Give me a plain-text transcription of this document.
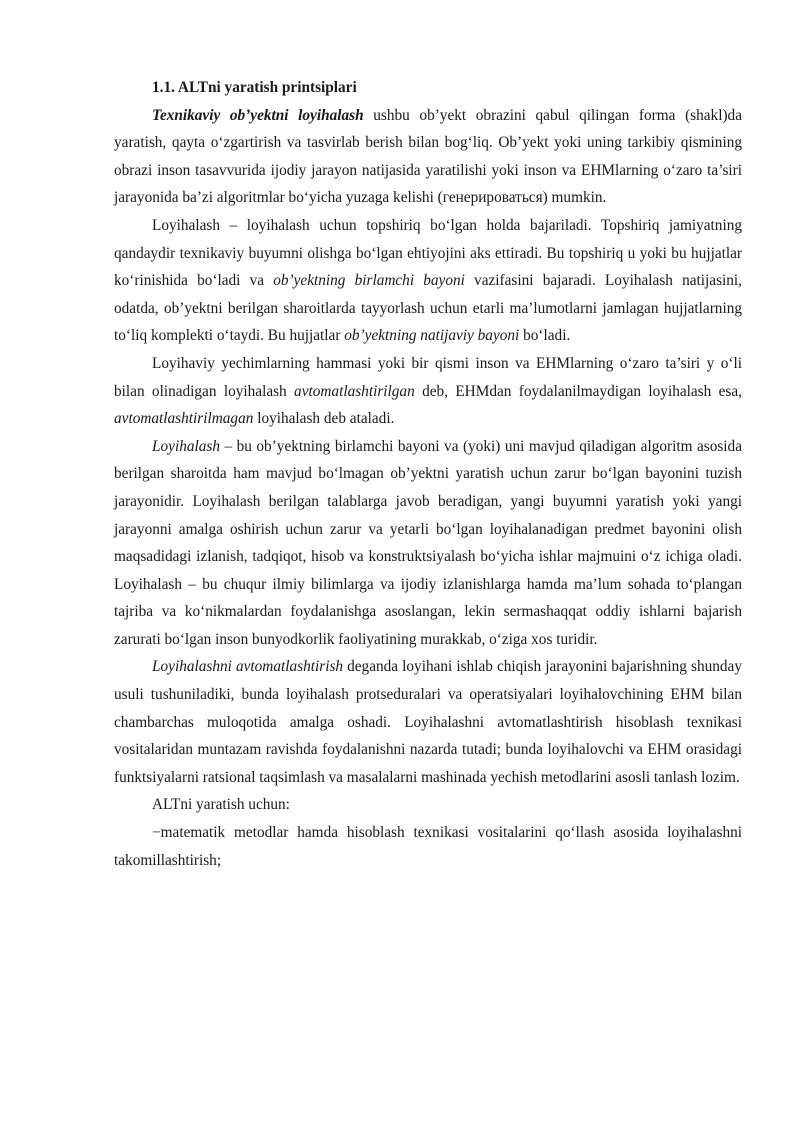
1.1. ALTni yaratish printsiplari

Texnikaviy ob’yektni loyihalash ushbu ob’yekt obrazini qabul qilingan forma (shakl)da yaratish, qayta o‘zgartirish va tasvirlab berish bilan bog‘liq. Ob’yekt yoki uning tarkibiy qismining obrazi inson tasavvurida ijodiy jarayon natijasida yaratilishi yoki inson va EHMlarning o‘zaro ta’siri jarayonida ba’zi algoritmlar bo‘yicha yuzaga kelishi (генерироваться) mumkin.

Loyihalash – loyihalash uchun topshiriq bo‘lgan holda bajariladi. Topshiriq jamiyatning qandaydir texnikaviy buyumni olishga bo‘lgan ehtiyojini aks ettiradi. Bu topshiriq u yoki bu hujjatlar ko‘rinishida bo‘ladi va ob’yektning birlamchi bayoni vazifasini bajaradi. Loyihalash natijasini, odatda, ob’yektni berilgan sharoitlarda tayyorlash uchun etarli ma’lumotlarni jamlagan hujjatlarning to‘liq komplekti o‘taydi. Bu hujjatlar ob’yektning natijaviy bayoni bo‘ladi.

Loyihaviy yechimlarning hammasi yoki bir qismi inson va EHMlarning o‘zaro ta’siri y o‘li bilan olinadigan loyihalash avtomatlashtirilgan deb, EHMdan foydalanilmaydigan loyihalash esa, avtomatlashtirilmagan loyihalash deb ataladi.

Loyihalash – bu ob’yektning birlamchi bayoni va (yoki) uni mavjud qiladigan algoritm asosida berilgan sharoitda ham mavjud bo‘lmagan ob’yektni yaratish uchun zarur bo‘lgan bayonini tuzish jarayonidir. Loyihalash berilgan talablarga javob beradigan, yangi buyumni yaratish yoki yangi jarayonni amalga oshirish uchun zarur va yetarli bo‘lgan loyihalanadigan predmet bayonini olish maqsadidagi izlanish, tadqiqot, hisob va konstruktsiyalash bo‘yicha ishlar majmuini o‘z ichiga oladi. Loyihalash – bu chuqur ilmiy bilimlarga va ijodiy izlanishlarga hamda ma’lum sohada to‘plangan tajriba va ko‘nikmalardan foydalanishga asoslangan, lekin sermashaqqat oddiy ishlarni bajarish zarurati bo‘lgan inson bunyodkorlik faoliyatining murakkab, o‘ziga xos turidir.

Loyihalashni avtomatlashtirish deganda loyihani ishlab chiqish jarayonini bajarishning shunday usuli tushuniladiki, bunda loyihalash protseduralari va operatsiyalari loyihalovchining EHM bilan chambarchas muloqotida amalga oshadi. Loyihalashni avtomatlashtirish hisoblash texnikasi vositalaridan muntazam ravishda foydalanishni nazarda tutadi; bunda loyihalovchi va EHM orasidagi funktsiyalarni ratsional taqsimlash va masalalarni mashinada yechish metodlarini asosli tanlash lozim.

ALTni yaratish uchun:

−matematik metodlar hamda hisoblash texnikasi vositalarini qo‘llash asosida loyihalashni takomillashtirish;
